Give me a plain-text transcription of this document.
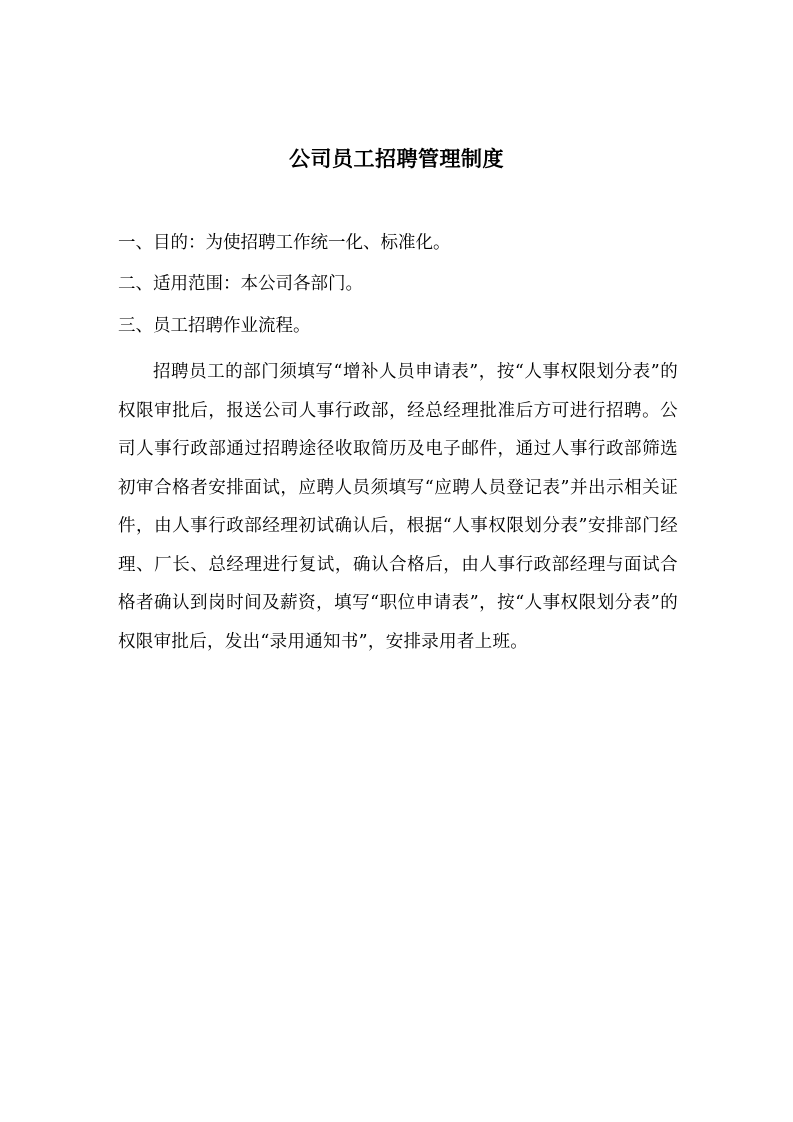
公司员工招聘管理制度
一、目的：为使招聘工作统一化、标准化。
二、适用范围：本公司各部门。
三、员工招聘作业流程。
招聘员工的部门须填写“增补人员申请表”，按“人事权限划分表”的权限审批后，报送公司人事行政部，经总经理批准后方可进行招聘。公司人事行政部通过招聘途径收取简历及电子邮件，通过人事行政部筛选初审合格者安排面试，应聘人员须填写“应聘人员登记表”并出示相关证件，由人事行政部经理初试确认后，根据“人事权限划分表”安排部门经理、厂长、总经理进行复试，确认合格后，由人事行政部经理与面试合格者确认到岗时间及薪资，填写“职位申请表”，按“人事权限划分表”的权限审批后，发出“录用通知书”，安排录用者上班。
